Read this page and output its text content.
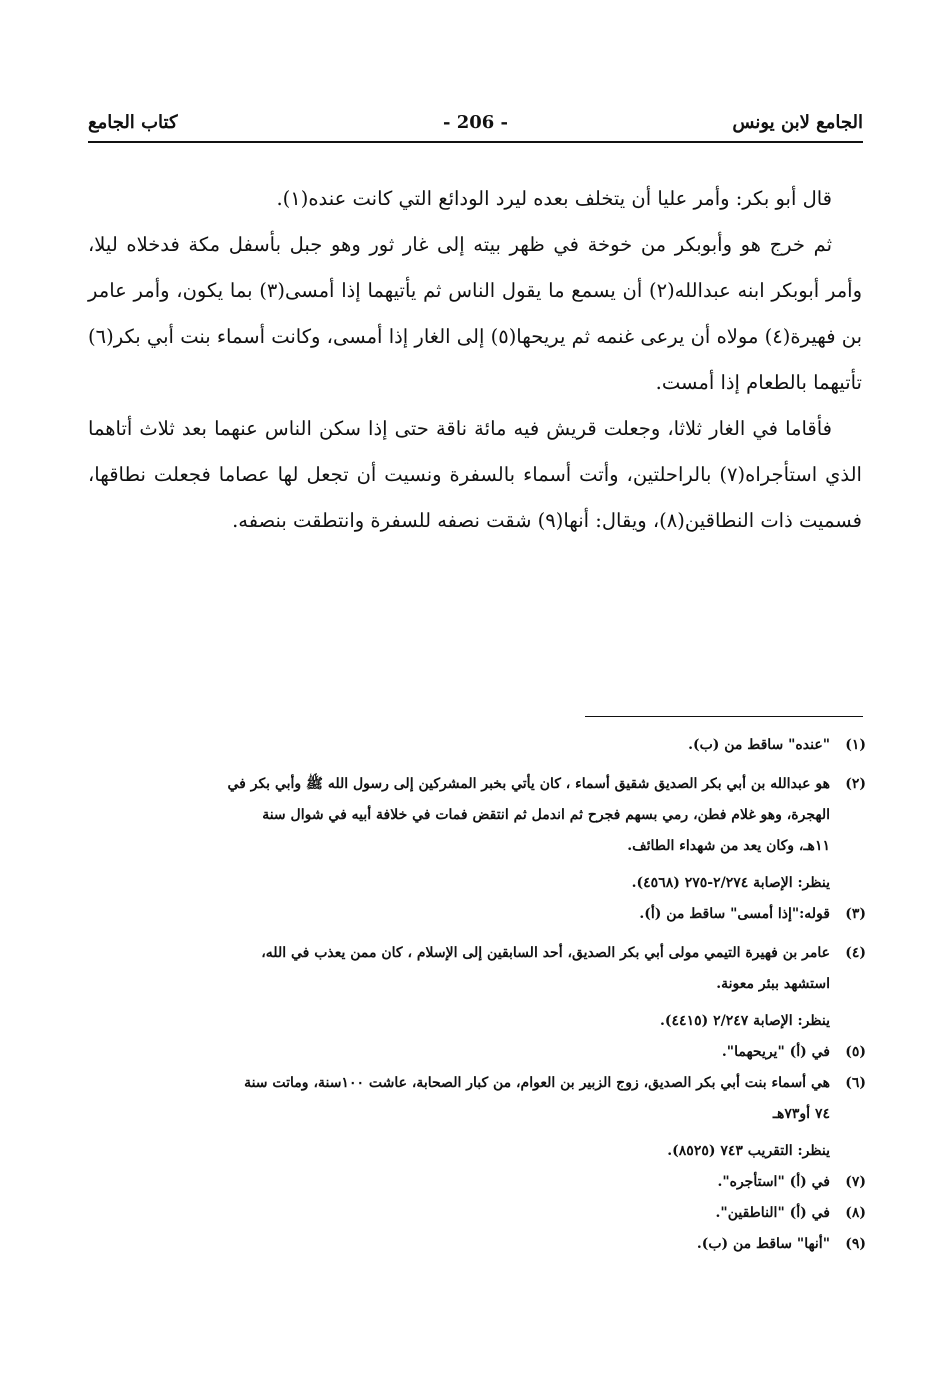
الجامع لابن يونس
- 206 -
كتاب الجامع

قال أبو بكر: وأمر عليا أن يتخلف بعده ليرد الودائع التي كانت عنده(١).

ثم خرج هو وأبوبكر من خوخة في ظهر بيته إلى غار ثور وهو جبل بأسفل مكة فدخلاه ليلا، وأمر أبوبكر ابنه عبدالله(٢) أن يسمع ما يقول الناس ثم يأتيهما إذا أمسى(٣) بما يكون، وأمر عامر بن فهيرة(٤) مولاه أن يرعى غنمه ثم يريحها(٥) إلى الغار إذا أمسى، وكانت أسماء بنت أبي بكر(٦) تأتيهما بالطعام إذا أمست.

فأقاما في الغار ثلاثا، وجعلت قريش فيه مائة ناقة حتى إذا سكن الناس عنهما بعد ثلاث أتاهما الذي استأجراه(٧) بالراحلتين، وأتت أسماء بالسفرة ونسيت أن تجعل لها عصاما فجعلت نطاقها، فسميت ذات النطاقين(٨)، ويقال: أنها(٩) شقت نصفه للسفرة وانتطقت بنصفه.

(١)"عنده" ساقط من (ب).

(٢)هو عبدالله بن أبي بكر الصديق شقيق أسماء ، كان يأتي بخبر المشركين إلى رسول الله ﷺ وأبي بكر في

الهجرة، وهو غلام فطن، رمي بسهم فجرح ثم اندمل ثم انتقض فمات في خلافة أبيه في شوال سنة

١١هـ، وكان يعد من شهداء الطائف.

ينظر: الإصابة ٢/٢٧٤-٢٧٥ (٤٥٦٨).

(٣)قوله:"إذا أمسى" ساقط من (أ).

(٤)عامر بن فهيرة التيمي مولى أبي بكر الصديق، أحد السابقين إلى الإسلام ، كان ممن يعذب في الله،

استشهد ببئر معونة.

ينظر: الإصابة ٢/٢٤٧ (٤٤١٥).

(٥)في (أ) "يريحهما".

(٦)هي أسماء بنت أبي بكر الصديق، زوج الزبير بن العوام، من كبار الصحابة، عاشت ١٠٠سنة، وماتت سنة

٧٤ أو٧٣هـ

ينظر: التقريب ٧٤٣ (٨٥٢٥).

(٧)في (أ) "استأجره".

(٨)في (أ) "الناطقين".

(٩)"أنها" ساقط من (ب).
